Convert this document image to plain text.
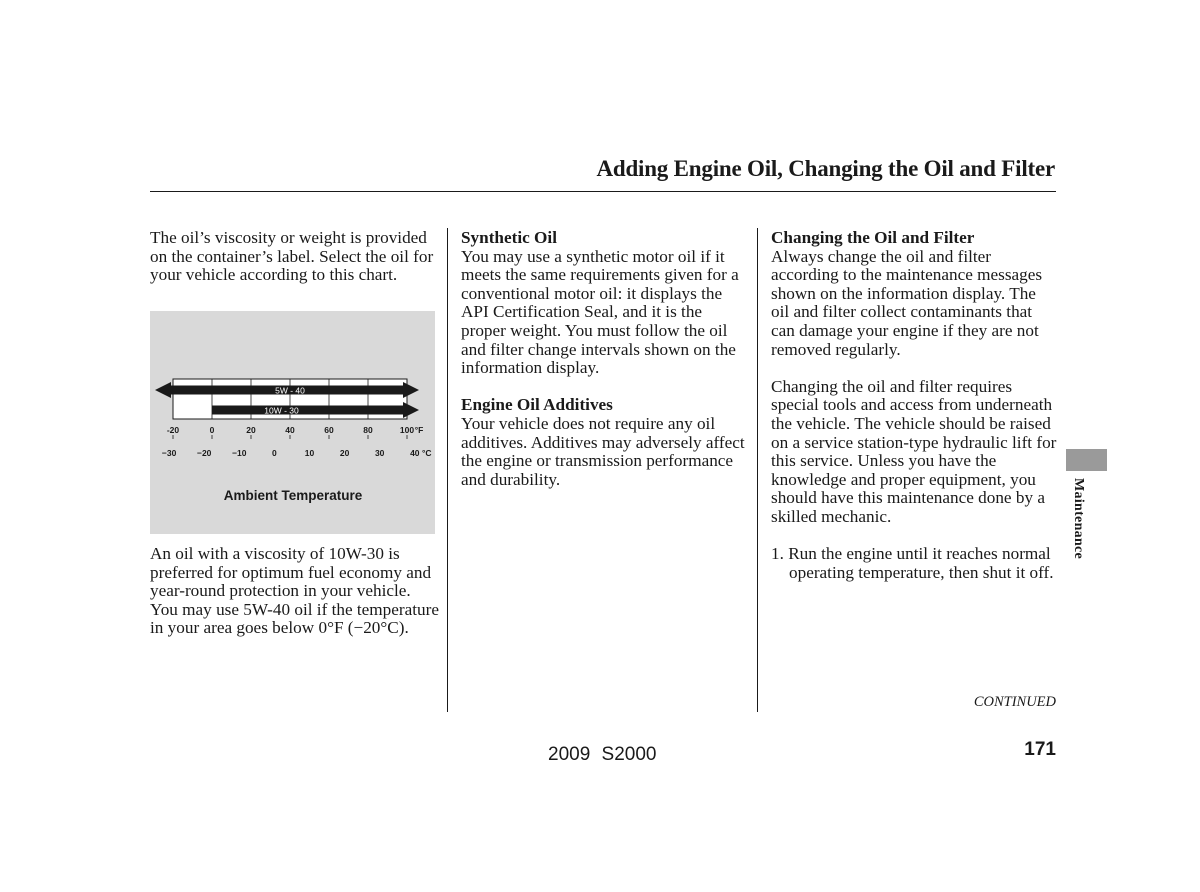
Adding Engine Oil, Changing the Oil and Filter

The oil’s viscosity or weight is provided on the container’s label. Select the oil for your vehicle according to this chart.

5W - 40
10W - 30
-20	0	20	40	60	80	100 °F
−30 −20 −10	0	10	20	30	40 °C
Ambient Temperature

An oil with a viscosity of 10W-30 is preferred for optimum fuel economy and year-round protection in your vehicle. You may use 5W-40 oil if the temperature in your area goes below 0°F (−20°C).

Synthetic Oil

You may use a synthetic motor oil if it meets the same requirements given for a conventional motor oil: it displays the API Certification Seal, and it is the proper weight. You must follow the oil and filter change intervals shown on the information display.

Engine Oil Additives

Your vehicle does not require any oil additives. Additives may adversely affect the engine or transmission performance and durability.

Changing the Oil and Filter

Always change the oil and filter according to the maintenance messages shown on the information display. The oil and filter collect contaminants that can damage your engine if they are not removed regularly.

Changing the oil and filter requires special tools and access from underneath the vehicle. The vehicle should be raised on a service station-type hydraulic lift for this service. Unless you have the knowledge and proper equipment, you should have this maintenance done by a skilled mechanic.

1. Run the engine until it reaches normal operating temperature, then shut it off.

Maintenance
CONTINUED
2009 S2000	171
